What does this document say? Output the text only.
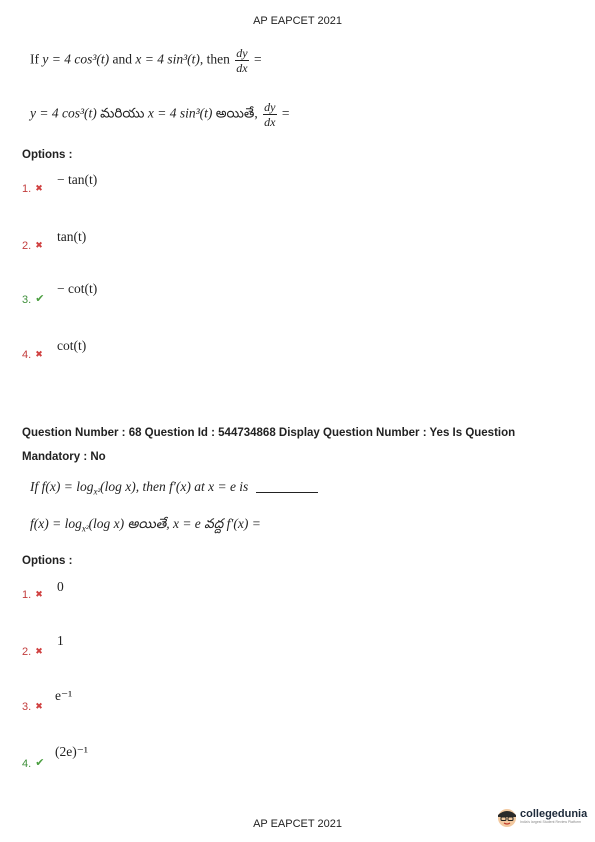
AP EAPCET 2021
If y = 4 cos³(t) and x = 4 sin³(t), then $\frac{dy}{dx}$ =
y = 4 cos³(t) మరియు x = 4 sin³(t) అయితే, $\frac{dy}{dx}$ =
Options :
1. ✖
− tan(t)
2. ✖
tan(t)
3. ✔
− cot(t)
4. ✖
cot(t)
Question Number : 68 Question Id : 544734868 Display Question Number : Yes Is Question
Mandatory : No
If $f(x) = \log_{x^2}(\log$ x), then f′(x) at x = e is
$f(x) = \log_{x^2}(\log$ x) అయితే, x = e వద్ద f′(x) =
Options :
1. ✖ 0
2. ✖
1
3. ✖
e⁻¹
4. ✔
(2e)⁻¹
AP EAPCET 2021
collegedunia
India's largest Student Review Platform
